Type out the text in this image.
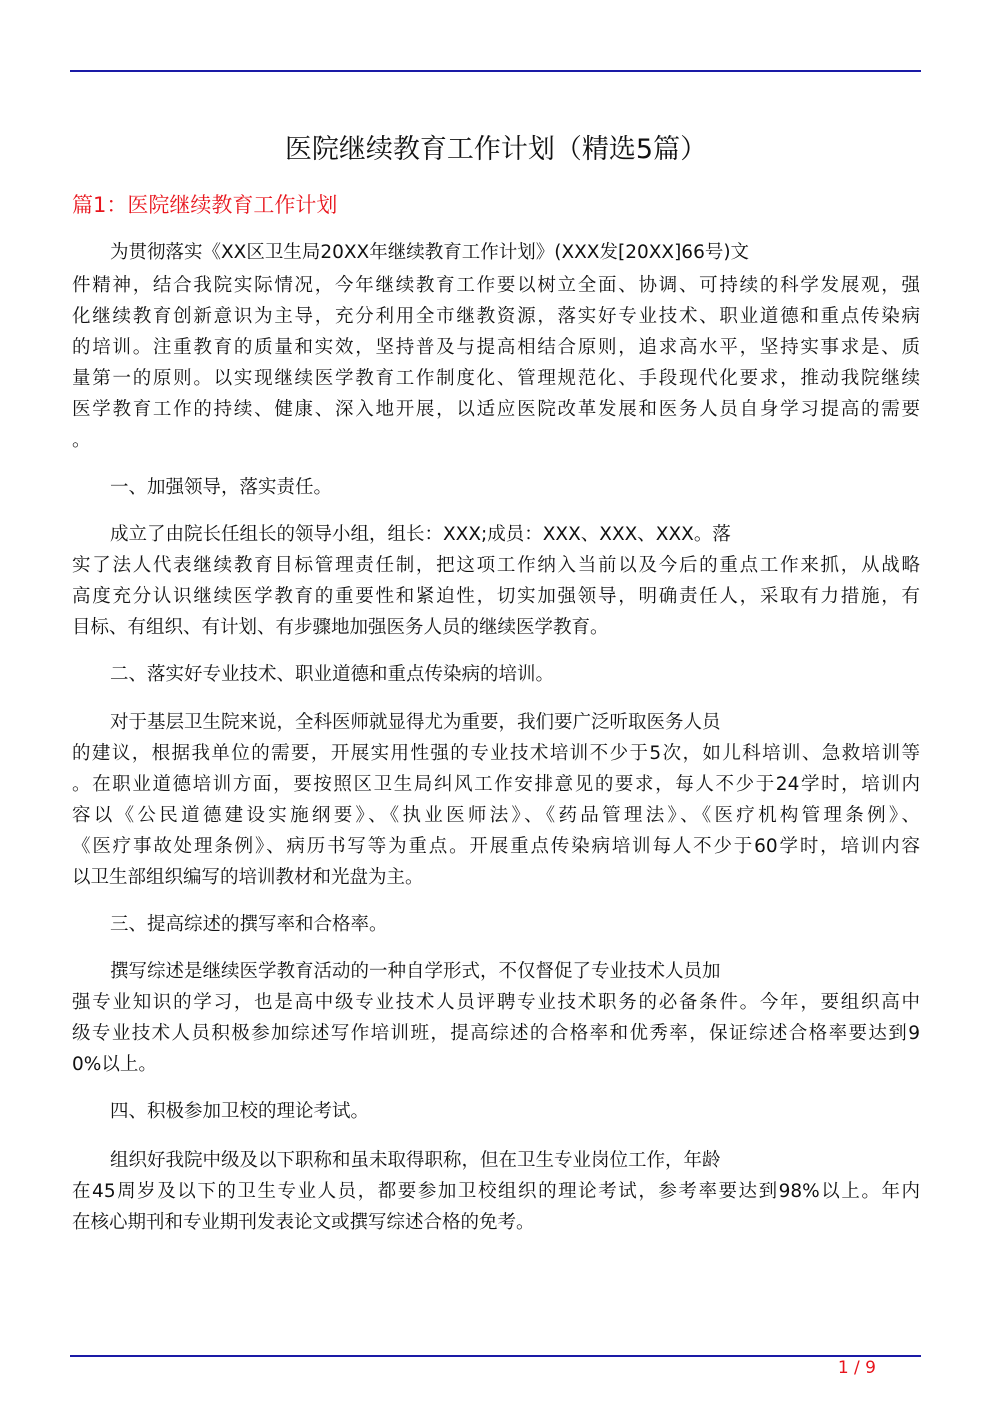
医院继续教育工作计划（精选5篇）
篇1：医院继续教育工作计划
为贯彻落实《XX区卫生局20XX年继续教育工作计划》(XXX发[20XX]66号)文
件精神，结合我院实际情况，今年继续教育工作要以树立全面、协调、可持续的科学发展观，强
化继续教育创新意识为主导，充分利用全市继教资源，落实好专业技术、职业道德和重点传染病
的培训。注重教育的质量和实效，坚持普及与提高相结合原则，追求高水平，坚持实事求是、质
量第一的原则。以实现继续医学教育工作制度化、管理规范化、手段现代化要求，推动我院继续
医学教育工作的持续、健康、深入地开展，以适应医院改革发展和医务人员自身学习提高的需要
。
一、加强领导，落实责任。
成立了由院长任组长的领导小组，组长：XXX;成员：XXX、XXX、XXX。落
实了法人代表继续教育目标管理责任制，把这项工作纳入当前以及今后的重点工作来抓，从战略
高度充分认识继续医学教育的重要性和紧迫性，切实加强领导，明确责任人，采取有力措施，有
目标、有组织、有计划、有步骤地加强医务人员的继续医学教育。
二、落实好专业技术、职业道德和重点传染病的培训。
对于基层卫生院来说，全科医师就显得尤为重要，我们要广泛听取医务人员
的建议，根据我单位的需要，开展实用性强的专业技术培训不少于5次，如儿科培训、急救培训等
。在职业道德培训方面，要按照区卫生局纠风工作安排意见的要求，每人不少于24学时，培训内
容以《公民道德建设实施纲要》、《执业医师法》、《药品管理法》、《医疗机构管理条例》、
《医疗事故处理条例》、病历书写等为重点。开展重点传染病培训每人不少于60学时，培训内容
以卫生部组织编写的培训教材和光盘为主。
三、提高综述的撰写率和合格率。
撰写综述是继续医学教育活动的一种自学形式，不仅督促了专业技术人员加
强专业知识的学习，也是高中级专业技术人员评聘专业技术职务的必备条件。今年，要组织高中
级专业技术人员积极参加综述写作培训班，提高综述的合格率和优秀率，保证综述合格率要达到9
0%以上。
四、积极参加卫校的理论考试。
组织好我院中级及以下职称和虽未取得职称，但在卫生专业岗位工作，年龄
在45周岁及以下的卫生专业人员，都要参加卫校组织的理论考试，参考率要达到98%以上。年内
在核心期刊和专业期刊发表论文或撰写综述合格的免考。
1 / 9
